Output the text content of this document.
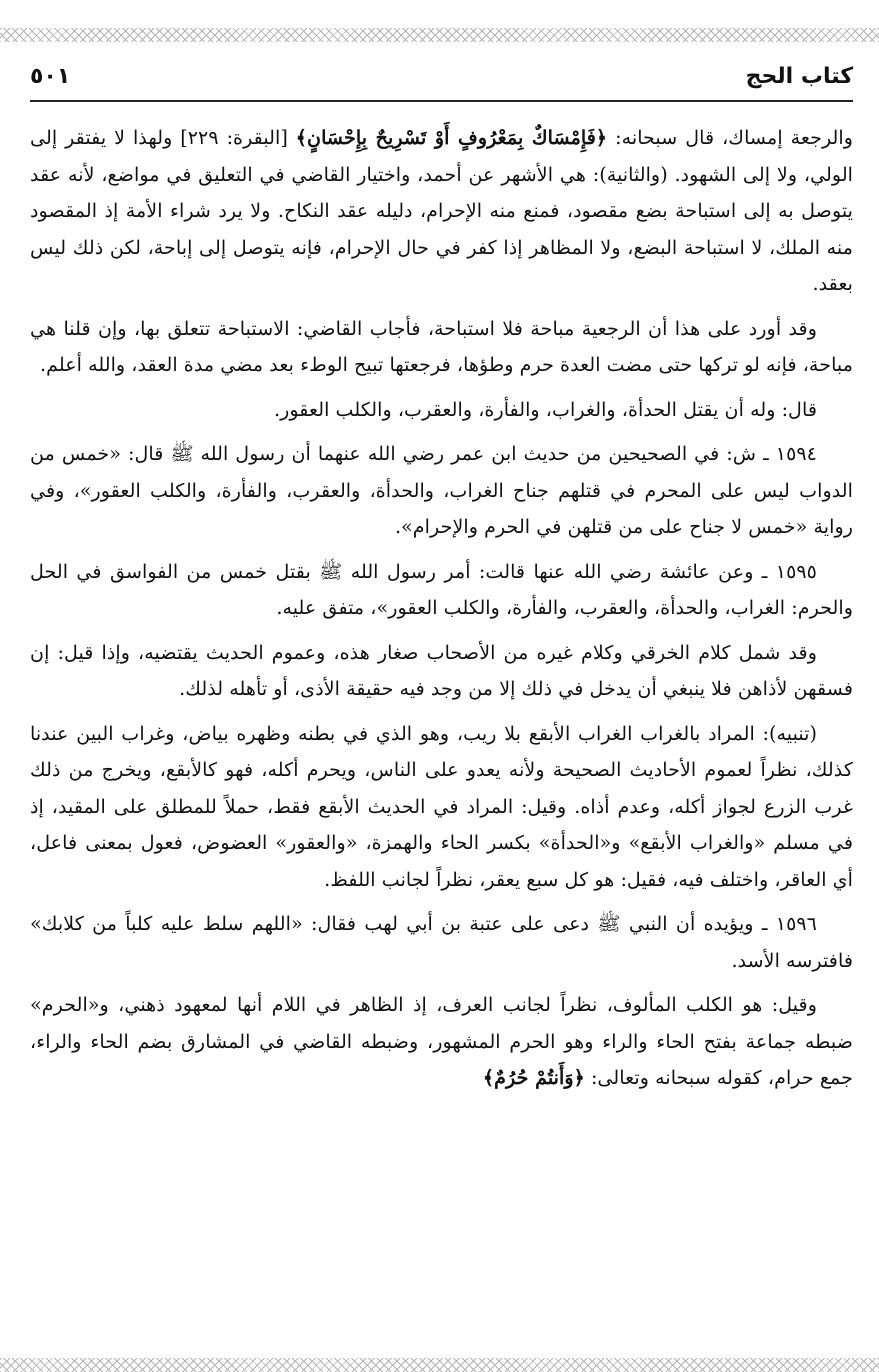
كتاب الحج
٥٠١

والرجعة إمساك، قال سبحانه: ﴿فَإِمْسَاكٌ بِمَعْرُوفٍ أَوْ تَسْرِيحٌ بِإِحْسَانٍ﴾ [البقرة: ٢٢٩] ولهذا لا يفتقر إلى الولي، ولا إلى الشهود. (والثانية): هي الأشهر عن أحمد، واختيار القاضي في التعليق في مواضع، لأنه عقد يتوصل به إلى استباحة بضع مقصود، فمنع منه الإحرام، دليله عقد النكاح. ولا يرد شراء الأمة إذ المقصود منه الملك، لا استباحة البضع، ولا المظاهر إذا كفر في حال الإحرام، فإنه يتوصل إلى إباحة، لكن ذلك ليس بعقد.

وقد أورد على هذا أن الرجعية مباحة فلا استباحة، فأجاب القاضي: الاستباحة تتعلق بها، وإن قلنا هي مباحة، فإنه لو تركها حتى مضت العدة حرم وطؤها، فرجعتها تبيح الوطء بعد مضي مدة العقد، والله أعلم.

قال: وله أن يقتل الحدأة، والغراب، والفأرة، والعقرب، والكلب العقور.

١٥٩٤ ـ ش: في الصحيحين من حديث ابن عمر رضي الله عنهما أن رسول الله ﷺ قال: «خمس من الدواب ليس على المحرم في قتلهم جناح الغراب، والحدأة، والعقرب، والفأرة، والكلب العقور»، وفي رواية «خمس لا جناح على من قتلهن في الحرم والإحرام».

١٥٩٥ ـ وعن عائشة رضي الله عنها قالت: أمر رسول الله ﷺ بقتل خمس من الفواسق في الحل والحرم: الغراب، والحدأة، والعقرب، والفأرة، والكلب العقور»، متفق عليه.

وقد شمل كلام الخرقي وكلام غيره من الأصحاب صغار هذه، وعموم الحديث يقتضيه، وإذا قيل: إن فسقهن لأذاهن فلا ينبغي أن يدخل في ذلك إلا من وجد فيه حقيقة الأذى، أو تأهله لذلك.

(تنبيه): المراد بالغراب الغراب الأبقع بلا ريب، وهو الذي في بطنه وظهره بياض، وغراب البين عندنا كذلك، نظراً لعموم الأحاديث الصحيحة ولأنه يعدو على الناس، ويحرم أكله، فهو كالأبقع، ويخرج من ذلك غرب الزرع لجواز أكله، وعدم أذاه. وقيل: المراد في الحديث الأبقع فقط، حملاً للمطلق على المقيد، إذ في مسلم «والغراب الأبقع» و«الحدأة» بكسر الحاء والهمزة، «والعقور» العضوض، فعول بمعنى فاعل، أي العاقر، واختلف فيه، فقيل: هو كل سبع يعقر، نظراً لجانب اللفظ.

١٥٩٦ ـ ويؤيده أن النبي ﷺ دعى على عتبة بن أبي لهب فقال: «اللهم سلط عليه كلباً من كلابك» فافترسه الأسد.

وقيل: هو الكلب المألوف، نظراً لجانب العرف، إذ الظاهر في اللام أنها لمعهود ذهني، و«الحرم» ضبطه جماعة بفتح الحاء والراء وهو الحرم المشهور، وضبطه القاضي في المشارق بضم الحاء والراء، جمع حرام، كقوله سبحانه وتعالى: ﴿وَأَنتُمْ حُرُمٌ﴾
